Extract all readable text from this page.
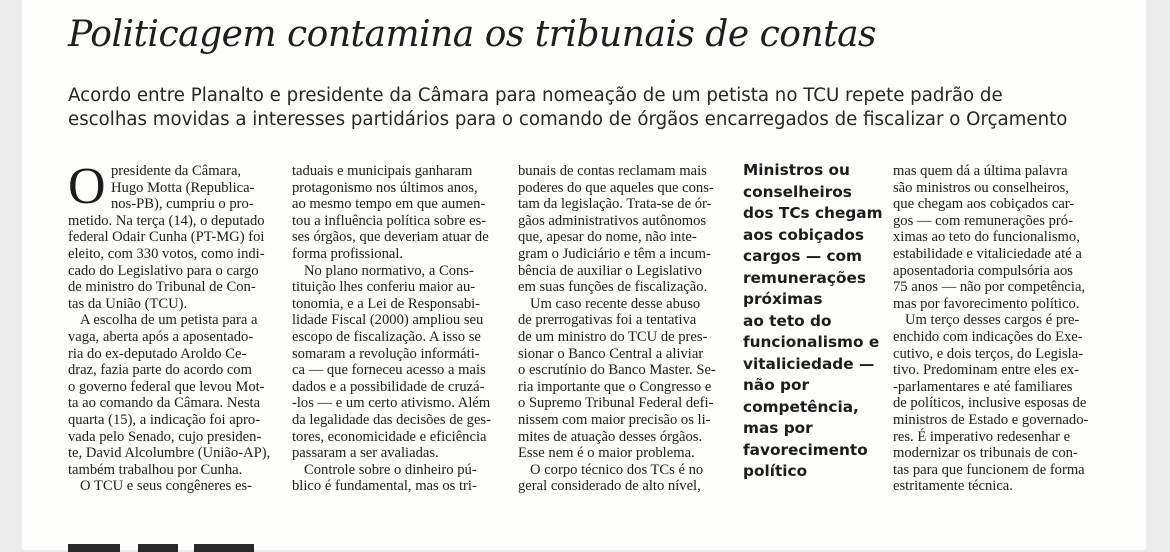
Politicagem contamina os tribunais de contas
Acordo entre Planalto e presidente da Câmara para nomeação de um petista no TCU repete padrão de
escolhas movidas a interesses partidários para o comando de órgãos encarregados de fiscalizar o Orçamento
O presidente da Câmara,
Hugo Motta (Republica-
nos-PB), cumpriu o pro-
metido. Na terça (14), o deputado
federal Odair Cunha (PT-MG) foi
eleito, com 330 votos, como indi-
cado do Legislativo para o cargo
de ministro do Tribunal de Con-
tas da União (TCU).
A escolha de um petista para a
vaga, aberta após a aposentado-
ria do ex-deputado Aroldo Ce-
draz, fazia parte do acordo com
o governo federal que levou Mot-
ta ao comando da Câmara. Nesta
quarta (15), a indicação foi apro-
vada pelo Senado, cujo presiden-
te, David Alcolumbre (União-AP),
também trabalhou por Cunha.
O TCU e seus congêneres es-
taduais e municipais ganharam
protagonismo nos últimos anos,
ao mesmo tempo em que aumen-
tou a influência política sobre es-
ses órgãos, que deveriam atuar de
forma profissional.
No plano normativo, a Cons-
tituição lhes conferiu maior au-
tonomia, e a Lei de Responsabi-
lidade Fiscal (2000) ampliou seu
escopo de fiscalização. A isso se
somaram a revolução informáti-
ca — que forneceu acesso a mais
dados e a possibilidade de cruzá-
-los — e um certo ativismo. Além
da legalidade das decisões de ges-
tores, economicidade e eficiência
passaram a ser avaliadas.
Controle sobre o dinheiro pú-
blico é fundamental, mas os tri-
bunais de contas reclamam mais
poderes do que aqueles que cons-
tam da legislação. Trata-se de ór-
gãos administrativos autônomos
que, apesar do nome, não inte-
gram o Judiciário e têm a incum-
bência de auxiliar o Legislativo
em suas funções de fiscalização.
Um caso recente desse abuso
de prerrogativas foi a tentativa
de um ministro do TCU de pres-
sionar o Banco Central a aliviar
o escrutínio do Banco Master. Se-
ria importante que o Congresso e
o Supremo Tribunal Federal defi-
nissem com maior precisão os li-
mites de atuação desses órgãos.
Esse nem é o maior problema.
O corpo técnico dos TCs é no
geral considerado de alto nível,
Ministros ou
conselheiros
dos TCs chegam
aos cobiçados
cargos — com
remunerações
próximas
ao teto do
funcionalismo e
vitaliciedade —
não por
competência,
mas por
favorecimento
político
mas quem dá a última palavra
são ministros ou conselheiros,
que chegam aos cobiçados car-
gos — com remunerações pró-
ximas ao teto do funcionalismo,
estabilidade e vitaliciedade até a
aposentadoria compulsória aos
75 anos — não por competência,
mas por favorecimento político.
Um terço desses cargos é pre-
enchido com indicações do Exe-
cutivo, e dois terços, do Legisla-
tivo. Predominam entre eles ex-
-parlamentares e até familiares
de políticos, inclusive esposas de
ministros de Estado e governado-
res. É imperativo redesenhar e
modernizar os tribunais de con-
tas para que funcionem de forma
estritamente técnica.
